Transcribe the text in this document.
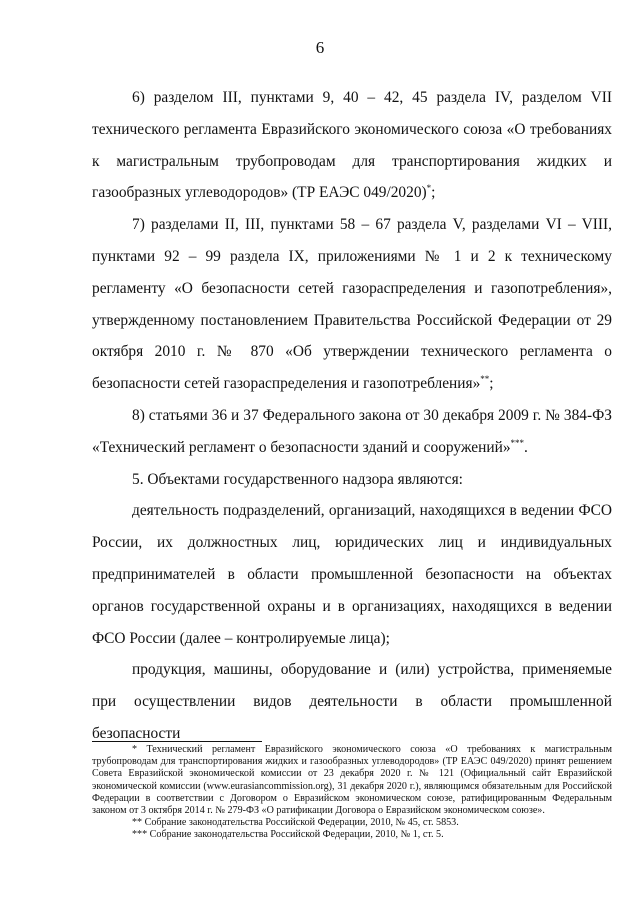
6

6) разделом III, пунктами 9, 40 – 42, 45 раздела IV, разделом VII технического регламента Евразийского экономического союза «О требованиях к магистральным трубопроводам для транспортирования жидких и газообразных углеводородов» (ТР ЕАЭС 049/2020)*;

7) разделами II, III, пунктами 58 – 67 раздела V, разделами VI – VIII, пунктами 92 – 99 раздела IX, приложениями № 1 и 2 к техническому регламенту «О безопасности сетей газораспределения и газопотребления», утвержденному постановлением Правительства Российской Федерации от 29 октября 2010 г. № 870 «Об утверждении технического регламента о безопасности сетей газораспределения и газопотребления»**;

8) статьями 36 и 37 Федерального закона от 30 декабря 2009 г. № 384-ФЗ «Технический регламент о безопасности зданий и сооружений»***.

5. Объектами государственного надзора являются:

деятельность подразделений, организаций, находящихся в ведении ФСО России, их должностных лиц, юридических лиц и индивидуальных предпринимателей в области промышленной безопасности на объектах органов государственной охраны и в организациях, находящихся в ведении ФСО России (далее – контролируемые лица);

продукция, машины, оборудование и (или) устройства, применяемые при осуществлении видов деятельности в области промышленной безопасности

* Технический регламент Евразийского экономического союза «О требованиях к магистральным трубопроводам для транспортирования жидких и газообразных углеводородов» (ТР ЕАЭС 049/2020) принят решением Совета Евразийской экономической комиссии от 23 декабря 2020 г. № 121 (Официальный сайт Евразийской экономической комиссии (www.eurasiancommission.org), 31 декабря 2020 г.), являющимся обязательным для Российской Федерации в соответствии с Договором о Евразийском экономическом союзе, ратифицированным Федеральным законом от 3 октября 2014 г. № 279-ФЗ «О ратификации Договора о Евразийском экономическом союзе».

** Собрание законодательства Российской Федерации, 2010, № 45, ст. 5853.

*** Собрание законодательства Российской Федерации, 2010, № 1, ст. 5.
